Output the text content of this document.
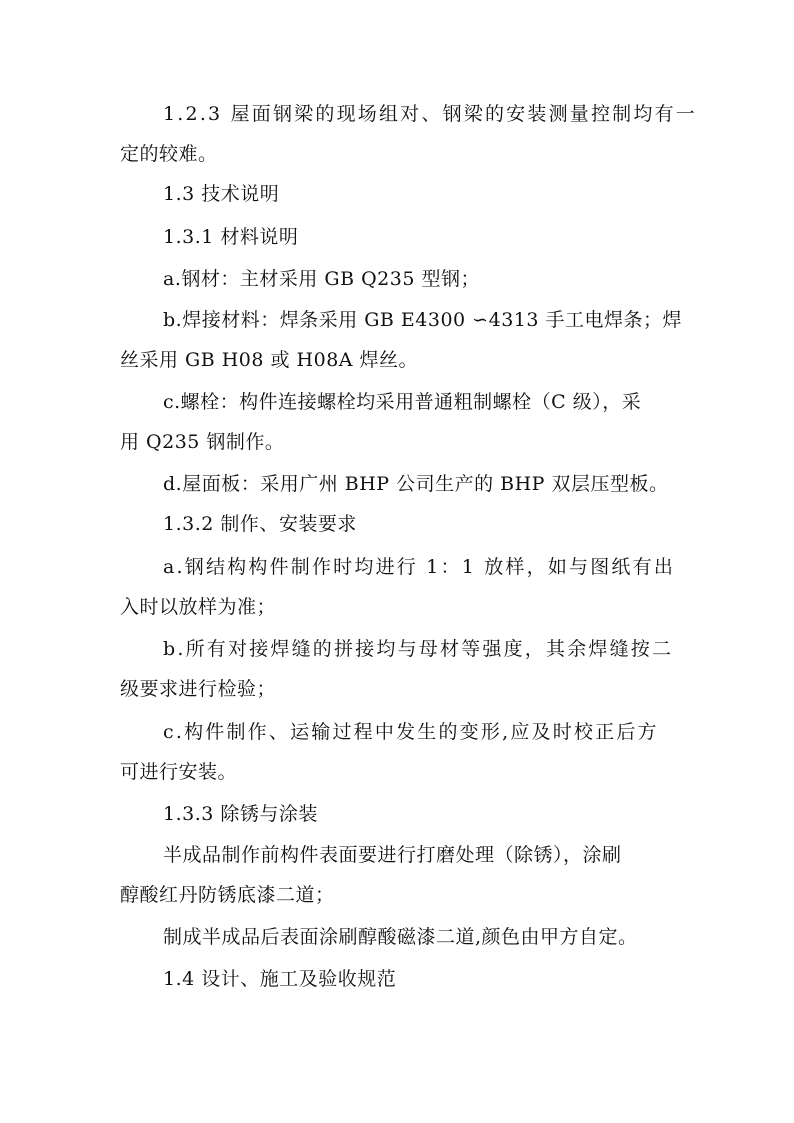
1.2.3 屋面钢梁的现场组对、钢梁的安装测量控制均有一
定的较难。
1.3 技术说明
1.3.1 材料说明
a.钢材：主材采用 GB Q235 型钢；
b.焊接材料：焊条采用 GB E4300 ∽4313 手工电焊条；焊
丝采用 GB H08 或 H08A 焊丝。
c.螺栓：构件连接螺栓均采用普通粗制螺栓（C 级），采
用 Q235 钢制作。
d.屋面板：采用广州 BHP 公司生产的 BHP 双层压型板。
1.3.2 制作、安装要求
a.钢结构构件制作时均进行 1：1 放样，如与图纸有出
入时以放样为准；
b.所有对接焊缝的拼接均与母材等强度，其余焊缝按二
级要求进行检验；
c.构件制作、运输过程中发生的变形,应及时校正后方
可进行安装。
1.3.3 除锈与涂装
半成品制作前构件表面要进行打磨处理（除锈），涂刷
醇酸红丹防锈底漆二道；
制成半成品后表面涂刷醇酸磁漆二道,颜色由甲方自定。
1.4 设计、施工及验收规范
